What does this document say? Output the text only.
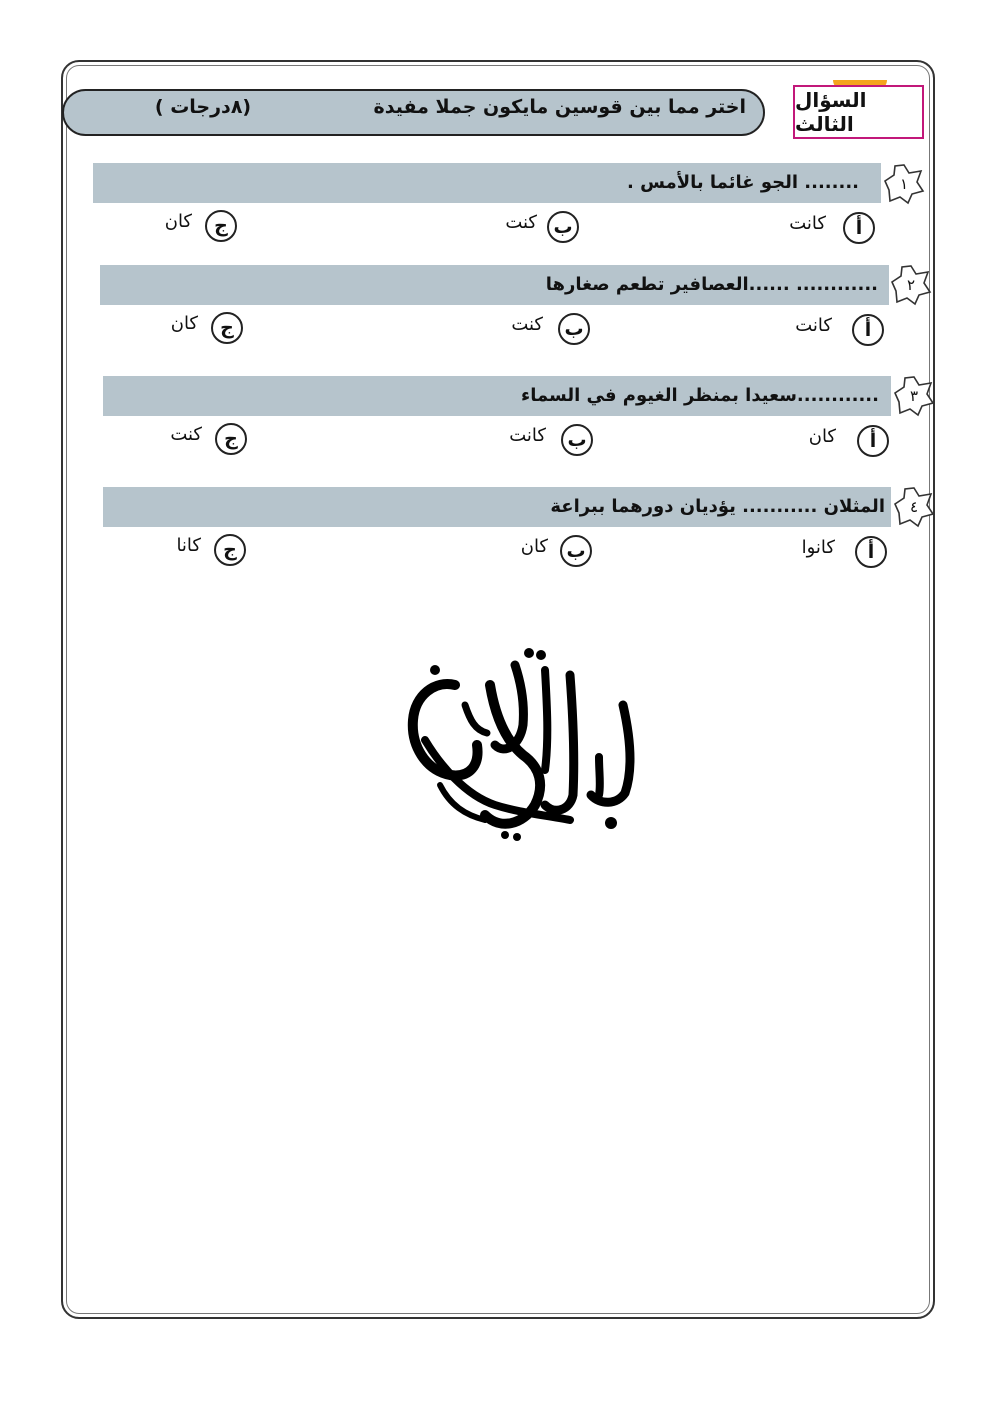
السؤال الثالث
اختر مما بين قوسين مايكون جملا مفيدة
(٨درجات )
........ الجو غائما بالأمس .	١
أ
كانت
ب
كنت
ج
كان
............ ......العصافير تطعم صغارها	٢
أ
كانت
ب
كنت
ج
كان
............سعيدا بمنظر الغيوم في السماء	٣
أ
كان
ب
كانت
ج
كنت
المثلان ........... يؤديان دورهما ببراعة	٤
أ
كانوا
ب
كان
ج
كانا
